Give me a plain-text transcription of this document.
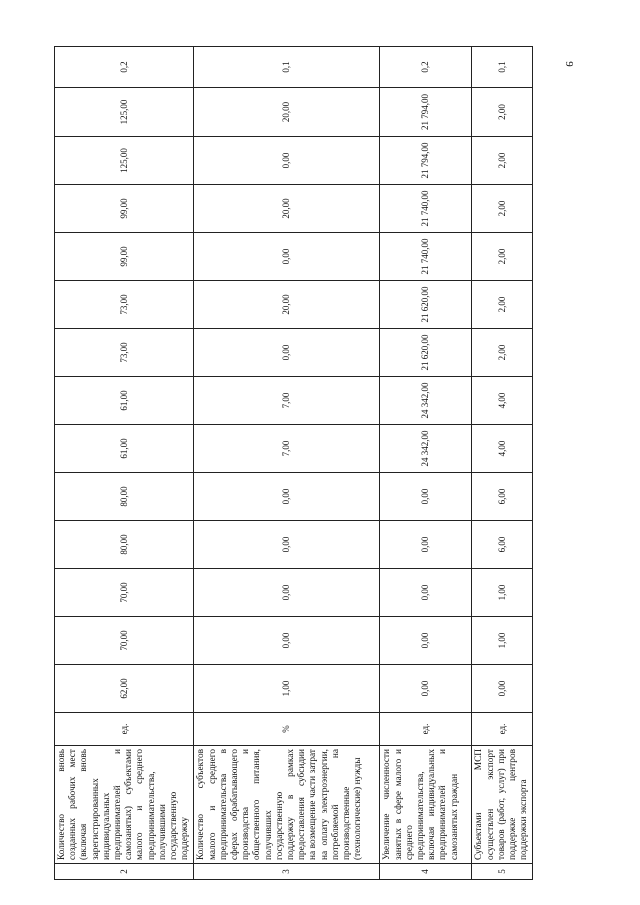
9
2	Количество вновь созданных рабочих мест (включая вновь зарегистрированных индивидуальных предпринимателей и самозанятых) субъектами малого и среднего предпринимательства, получившими государственную поддержку	ед.	62,00	70,00	70,00	80,00	80,00	61,00	61,00	73,00	73,00	99,00	99,00	125,00	125,00	0,2
3	Количество субъектов малого и среднего предпринимательства в сферах обрабатывающего производства и общественного питания, получивших государственную поддержку в рамках предоставления субсидии на возмещение части затрат на оплату электроэнергии, потребляемой на производственные (технологические) нужды	%	1,00	0,00	0,00	0,00	0,00	7,00	7,00	0,00	20,00	0,00	20,00	0,00	20,00	0,1
4	Увеличение численности занятых в сфере малого и среднего предпринимательства, включая индивидуальных предпринимателей и самозанятых граждан	ед.	0,00	0,00	0,00	0,00	0,00	24 342,00	24 342,00	21 620,00	21 620,00	21 740,00	21 740,00	21 794,00	21 794,00	0,2
5	Субъектами МСП осуществлен экспорт товаров (работ, услуг) при поддержке центров поддержки экспорта	ед.	0,00	1,00	1,00	6,00	6,00	4,00	4,00	2,00	2,00	2,00	2,00	2,00	2,00	0,1
